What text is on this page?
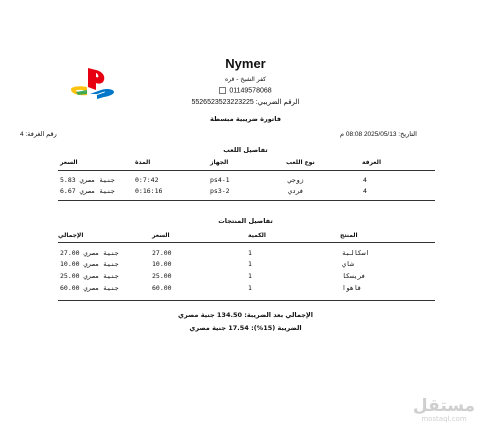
Nymer
كفر الشيخ - قره
01149578068
الرقم الضريبي: 5526523523223225
فاتورة ضريبية مبسطة
رقم الغرفة: 4	التاريخ: 2025/05/13 08:08 م
تفاصيل اللعب
الغرفة
نوع اللعب
الجهاز
المدة
السعر
4
زوجي
ps4-1
0:7:42
جنية مصري 5.83
4
فردي
ps3-2
0:16:16
جنية مصري 6.67
تفاصيل المنتجات
المنتج
الكمية
السعر
الإجمالي
اسكالبة
1
27.00
جنية مصري 27.00
شاي
1
10.00
جنية مصري 10.00
فريسكا
1
25.00
جنية مصري 25.00
قاهوا
1
60.00
جنية مصري 60.00
الإجمالي بعد الضريبة: 134.50 جنية مصري
الضريبة (15%): 17.54 جنية مصري
مستقل
mostaql.com
